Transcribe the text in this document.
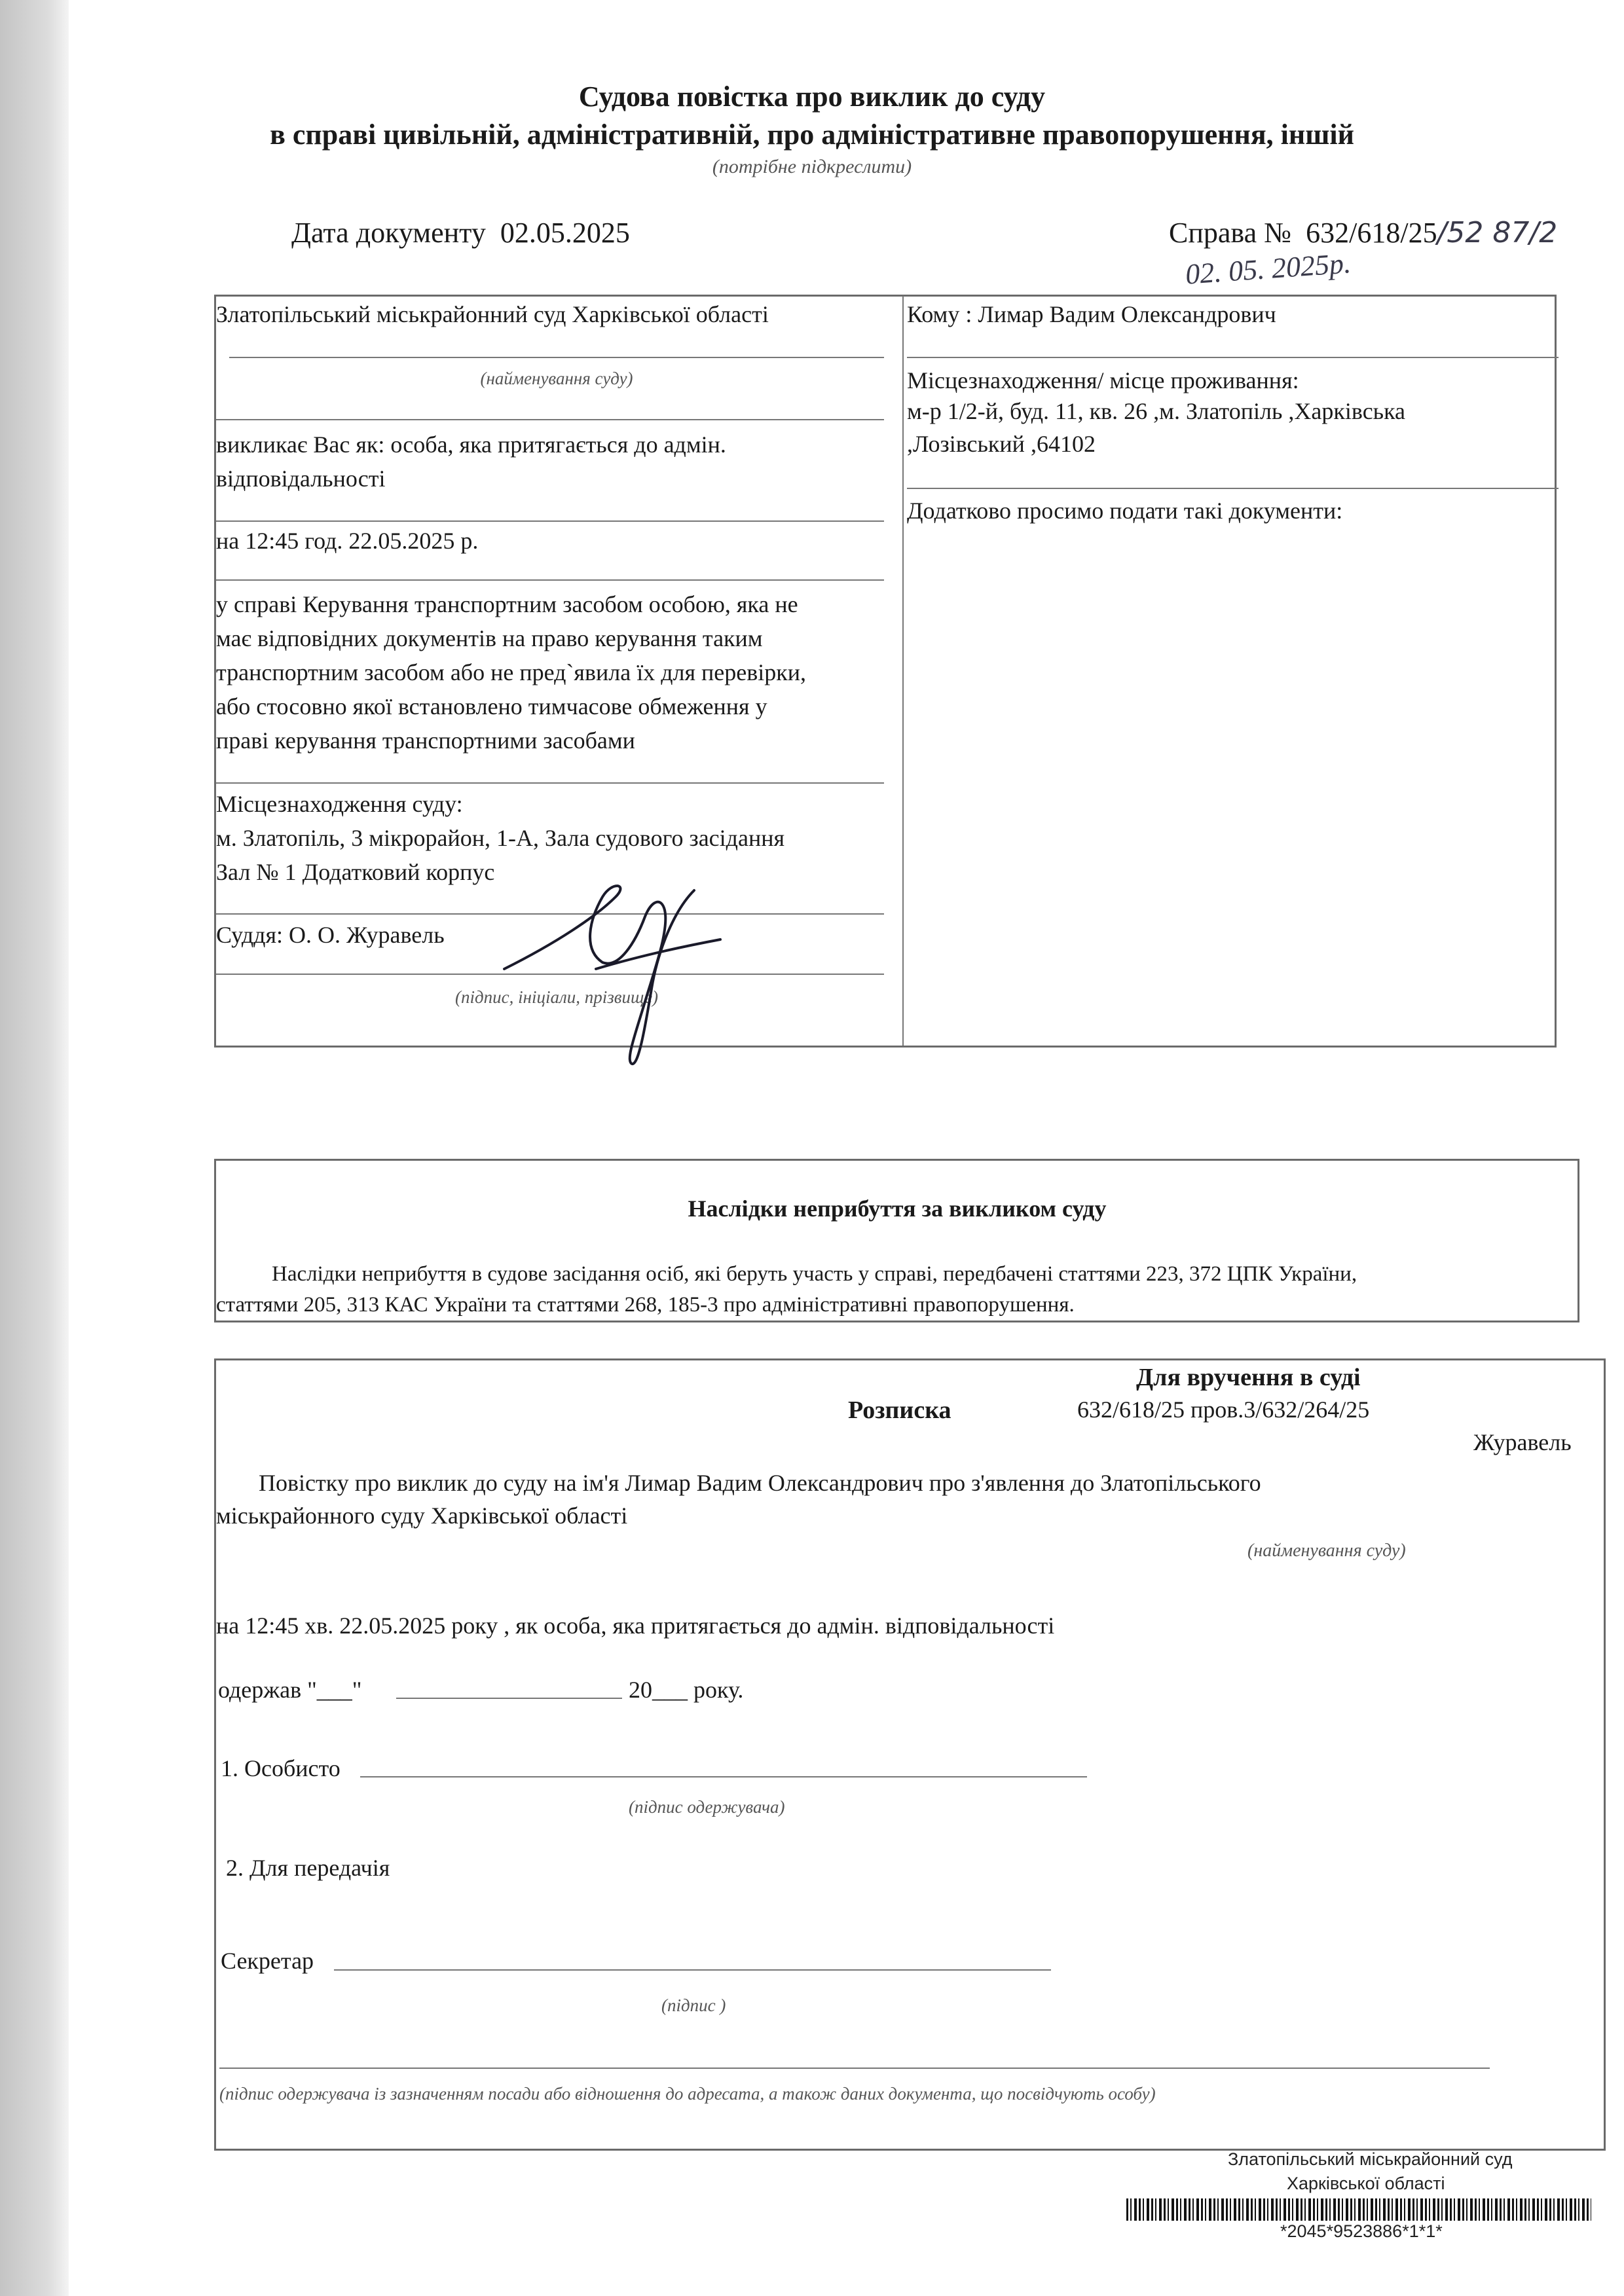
Судова повістка про виклик до суду
в справі цивільній, адміністративній, про адміністративне правопорушення, іншій
(потрібне підкреслити)
Дата документу 02.05.2025	Справа № 632/618/25/52 87/2
02. 05. 2025р.
Златопільський міськрайонний суд Харківської області
(найменування суду)
викликає Вас як: особа, яка притягається до адмін. відповідальності
на 12:45 год. 22.05.2025 р.
у справі Керування транспортним засобом особою, яка не
має відповідних документів на право керування таким
транспортним засобом або не пред`явила їх для перевірки,
або стосовно якої встановлено тимчасове обмеження у
праві керування транспортними засобами
Місцезнаходження суду:
м. Златопіль, 3 мікрорайон, 1-А, Зала судового засідання
Зал № 1 Додатковий корпус
Суддя: О. О. Журавель
(підпис, ініціали, прізвище)
Кому : Лимар Вадим Олександрович
Місцезнаходження/ місце проживання:
м-р 1/2-й, буд. 11, кв. 26 ,м. Златопіль ,Харківська
,Лозівський ,64102
Додатково просимо подати такі документи:
Наслідки неприбуття за викликом суду
Наслідки неприбуття в судове засідання осіб, які беруть участь у справі, передбачені статтями 223, 372 ЦПК України,
статтями 205, 313 КАС України та статтями 268, 185-3 про адміністративні правопорушення.
Для вручення в суді
Розписка	632/618/25 пров.3/632/264/25
Журавель
Повістку про виклик до суду на ім'я Лимар Вадим Олександрович про з'явлення до Златопільського
міськрайонного суду Харківської області
(найменування суду)
на 12:45 хв. 22.05.2025 року , як особа, яка притягається до адмін. відповідальності
одержав "___"	20___ року.
1. Особисто
(підпис одержувача)
2. Для передачія
Секретар
(підпис )
(підпис одержувача із зазначенням посади або відношення до адресата, а також даних документа, що посвідчують особу)
Златопільський міськрайонний суд
Харківської області
*2045*9523886*1*1*
